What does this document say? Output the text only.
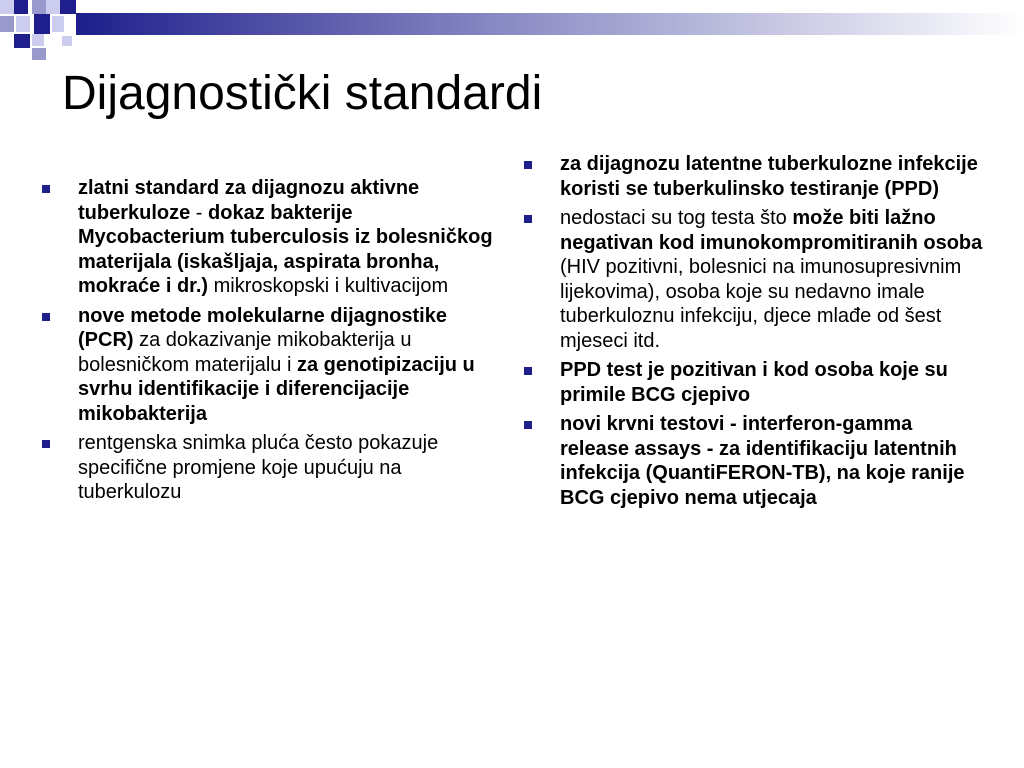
Dijagnostički standardi
zlatni standard za dijagnozu aktivne tuberkuloze - dokaz bakterije Mycobacterium tuberculosis iz bolesničkog materijala (iskašljaja, aspirata bronha, mokraće i dr.) mikroskopski i kultivacijom
nove metode molekularne dijagnostike (PCR) za dokazivanje mikobakterija u bolesničkom materijalu i za genotipizaciju u svrhu identifikacije i diferencijacije mikobakterija
rentgenska snimka pluća često pokazuje specifične promjene koje upućuju na tuberkulozu
za dijagnozu latentne tuberkulozne infekcije koristi se tuberkulinsko testiranje (PPD)
nedostaci su tog testa što može biti lažno negativan kod imunokompromitiranih osoba (HIV pozitivni, bolesnici na imunosupresivnim lijekovima), osoba koje su nedavno imale tuberkuloznu infekciju, djece mlađe od šest mjeseci itd.
PPD test je pozitivan i kod osoba koje su primile BCG cjepivo
novi krvni testovi - interferon-gamma release assays - za identifikaciju latentnih infekcija (QuantiFERON-TB), na koje ranije BCG cjepivo nema utjecaja
